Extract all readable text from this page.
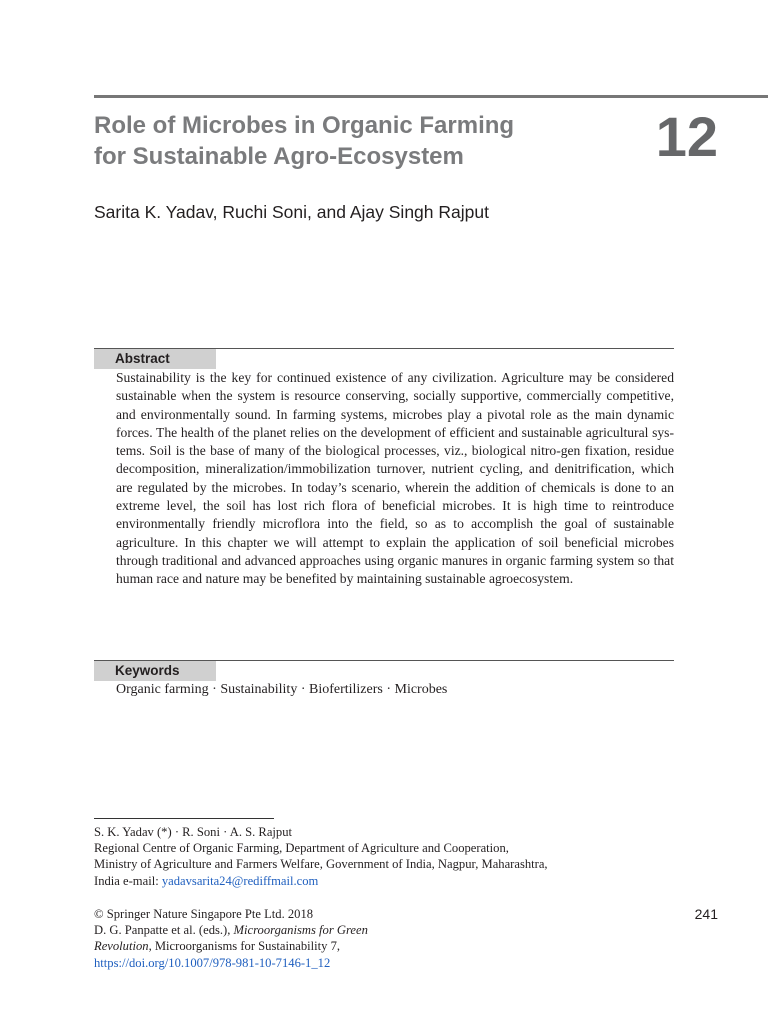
Role of Microbes in Organic Farming
for Sustainable Agro-Ecosystem	12
Sarita K. Yadav, Ruchi Soni, and Ajay Singh Rajput
Abstract

Sustainability is the key for continued existence of any civilization. Agriculture may be considered sustainable when the system is resource conserving, socially supportive, commercially competitive, and environmentally sound. In farming systems, microbes play a pivotal role as the main dynamic forces. The health of the planet relies on the development of efficient and sustainable agricultural sys-tems. Soil is the base of many of the biological processes, viz., biological nitro-gen fixation, residue decomposition, mineralization/immobilization turnover, nutrient cycling, and denitrification, which are regulated by the microbes. In today’s scenario, wherein the addition of chemicals is done to an extreme level, the soil has lost rich flora of beneficial microbes. It is high time to reintroduce environmentally friendly microflora into the field, so as to accomplish the goal of sustainable agriculture. In this chapter we will attempt to explain the application of soil beneficial microbes through traditional and advanced approaches using organic manures in organic farming system so that human race and nature may be benefited by maintaining sustainable agroecosystem.

Keywords

Organic farming · Sustainability · Biofertilizers · Microbes

S. K. Yadav (*) · R. Soni · A. S. Rajput
Regional Centre of Organic Farming, Department of Agriculture and Cooperation,
Ministry of Agriculture and Farmers Welfare, Government of India, Nagpur, Maharashtra,
India e-mail: yadavsarita24@rediffmail.com
© Springer Nature Singapore Pte Ltd. 2018
D. G. Panpatte et al. (eds.), Microorganisms for Green
Revolution, Microorganisms for Sustainability 7,
https://doi.org/10.1007/978-981-10-7146-1_12
241
